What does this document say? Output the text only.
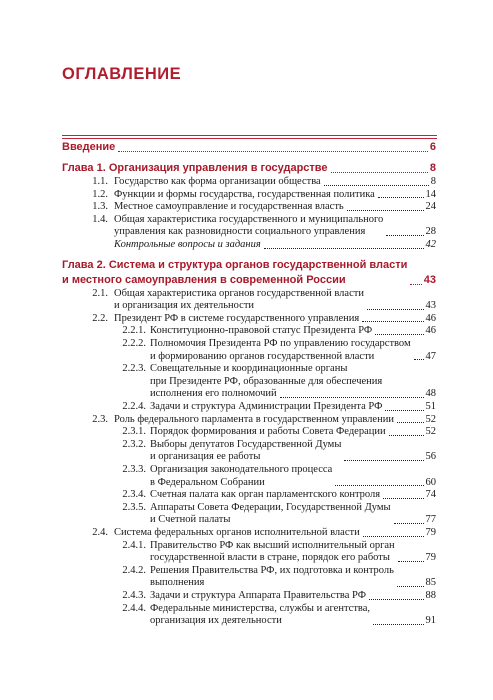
ОГЛАВЛЕНИЕ
Введение	6
Глава 1. Организация управления в государстве	8
1.1. Государство как форма организации общества	8
1.2. Функции и формы государства, государственная политика	14
1.3. Местное самоуправление и государственная власть	24
1.4. Общая характеристика государственного и муниципального
управления как разновидности социального управления	28
Контрольные вопросы и задания	42
Глава 2. Система и структура органов государственной власти
и местного самоуправления в современной России	43
2.1. Общая характеристика органов государственной власти
и организация их деятельности	43
2.2. Президент РФ в системе государственного управления	46
2.2.1. Конституционно-правовой статус Президента РФ	46
2.2.2. Полномочия Президента РФ по управлению государством
и формированию органов государственной власти	47
2.2.3. Совещательные и координационные органы
при Президенте РФ, образованные для обеспечения
исполнения его полномочий	48
2.2.4. Задачи и структура Администрации Президента РФ	51
2.3. Роль федерального парламента в государственном управлении	52
2.3.1. Порядок формирования и работы Совета Федерации	52
2.3.2. Выборы депутатов Государственной Думы
и организация ее работы	56
2.3.3. Организация законодательного процесса
в Федеральном Собрании	60
2.3.4. Счетная палата как орган парламентского контроля	74
2.3.5. Аппараты Совета Федерации, Государственной Думы
и Счетной палаты	77
2.4. Система федеральных органов исполнительной власти	79
2.4.1. Правительство РФ как высший исполнительный орган
государственной власти в стране, порядок его работы	79
2.4.2. Решения Правительства РФ, их подготовка и контроль
выполнения	85
2.4.3. Задачи и структура Аппарата Правительства РФ	88
2.4.4. Федеральные министерства, службы и агентства,
организация их деятельности	91
